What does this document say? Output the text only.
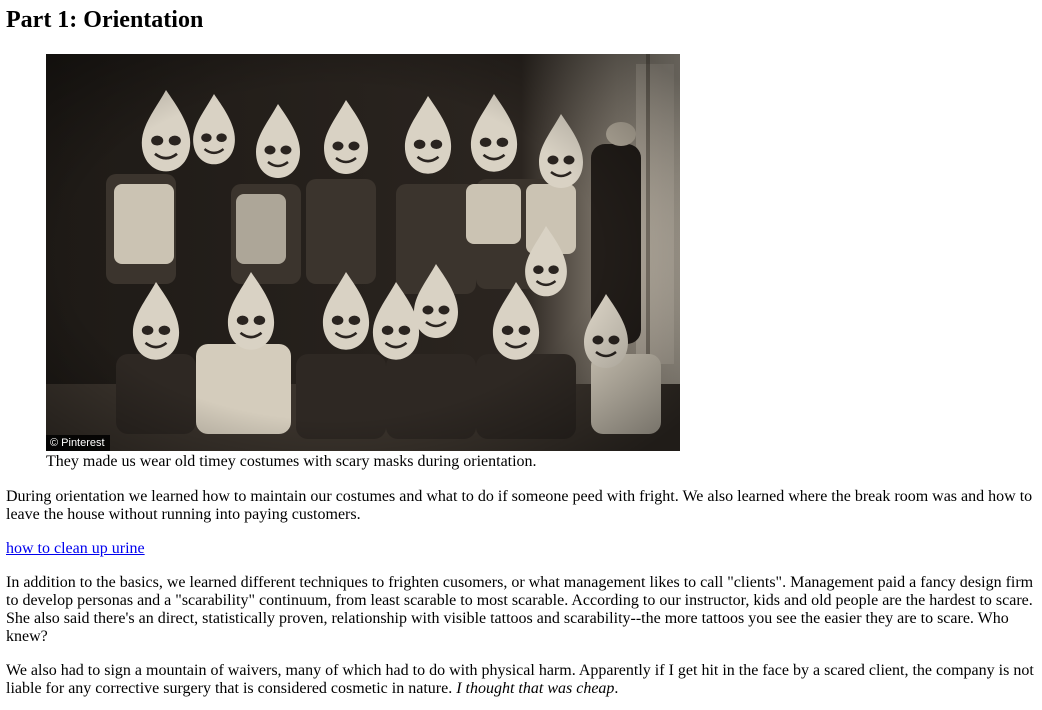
Part 1: Orientation
© Pinterest
They made us wear old timey costumes with scary masks during orientation.

During orientation we learned how to maintain our costumes and what to do if someone peed with fright. We also learned where the break room was and how to leave the house without running into paying customers.

how to clean up urine

In addition to the basics, we learned different techniques to frighten cusomers, or what management likes to call "clients". Management paid a fancy design firm to develop personas and a "scarability" continuum, from least scarable to most scarable. According to our instructor, kids and old people are the hardest to scare. She also said there's an direct, statistically proven, relationship with visible tattoos and scarability--the more tattoos you see the easier they are to scare. Who knew?

We also had to sign a mountain of waivers, many of which had to do with physical harm. Apparently if I get hit in the face by a scared client, the company is not liable for any corrective surgery that is considered cosmetic in nature. I thought that was cheap.
